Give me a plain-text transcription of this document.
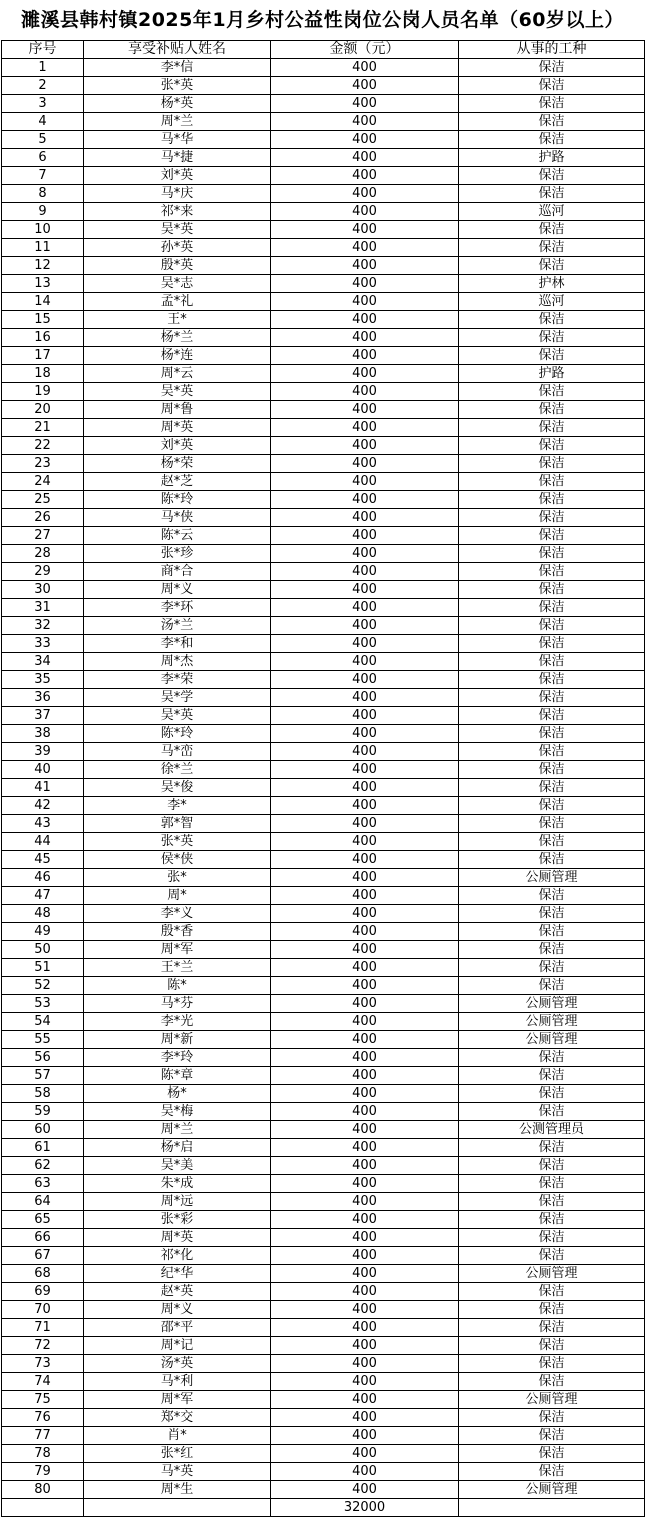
濉溪县韩村镇2025年1月乡村公益性岗位公岗人员名单（60岁以上）
序号	享受补贴人姓名	金额（元）	从事的工种
1	李*信	400	保洁
2	张*英	400	保洁
3	杨*英	400	保洁
4	周*兰	400	保洁
5	马*华	400	保洁
6	马*捷	400	护路
7	刘*英	400	保洁
8	马*庆	400	保洁
9	祁*来	400	巡河
10	吴*英	400	保洁
11	孙*英	400	保洁
12	殷*英	400	保洁
13	吴*志	400	护林
14	孟*礼	400	巡河
15	王*	400	保洁
16	杨*兰	400	保洁
17	杨*连	400	保洁
18	周*云	400	护路
19	吴*英	400	保洁
20	周*鲁	400	保洁
21	周*英	400	保洁
22	刘*英	400	保洁
23	杨*荣	400	保洁
24	赵*芝	400	保洁
25	陈*玲	400	保洁
26	马*侠	400	保洁
27	陈*云	400	保洁
28	张*珍	400	保洁
29	商*合	400	保洁
30	周*义	400	保洁
31	李*环	400	保洁
32	汤*兰	400	保洁
33	李*和	400	保洁
34	周*杰	400	保洁
35	李*荣	400	保洁
36	吴*学	400	保洁
37	吴*英	400	保洁
38	陈*玲	400	保洁
39	马*峦	400	保洁
40	徐*兰	400	保洁
41	吴*俊	400	保洁
42	李*	400	保洁
43	郭*智	400	保洁
44	张*英	400	保洁
45	侯*侠	400	保洁
46	张*	400	公厕管理
47	周*	400	保洁
48	李*义	400	保洁
49	殷*香	400	保洁
50	周*军	400	保洁
51	王*兰	400	保洁
52	陈*	400	保洁
53	马*芬	400	公厕管理
54	李*光	400	公厕管理
55	周*新	400	公厕管理
56	李*玲	400	保洁
57	陈*章	400	保洁
58	杨*	400	保洁
59	吴*梅	400	保洁
60	周*兰	400	公测管理员
61	杨*启	400	保洁
62	吴*美	400	保洁
63	朱*成	400	保洁
64	周*远	400	保洁
65	张*彩	400	保洁
66	周*英	400	保洁
67	祁*化	400	保洁
68	纪*华	400	公厕管理
69	赵*英	400	保洁
70	周*义	400	保洁
71	邵*平	400	保洁
72	周*记	400	保洁
73	汤*英	400	保洁
74	马*利	400	保洁
75	周*军	400	公厕管理
76	郑*交	400	保洁
77	肖*	400	保洁
78	张*红	400	保洁
79	马*英	400	保洁
80	周*生	400	公厕管理
		32000	
